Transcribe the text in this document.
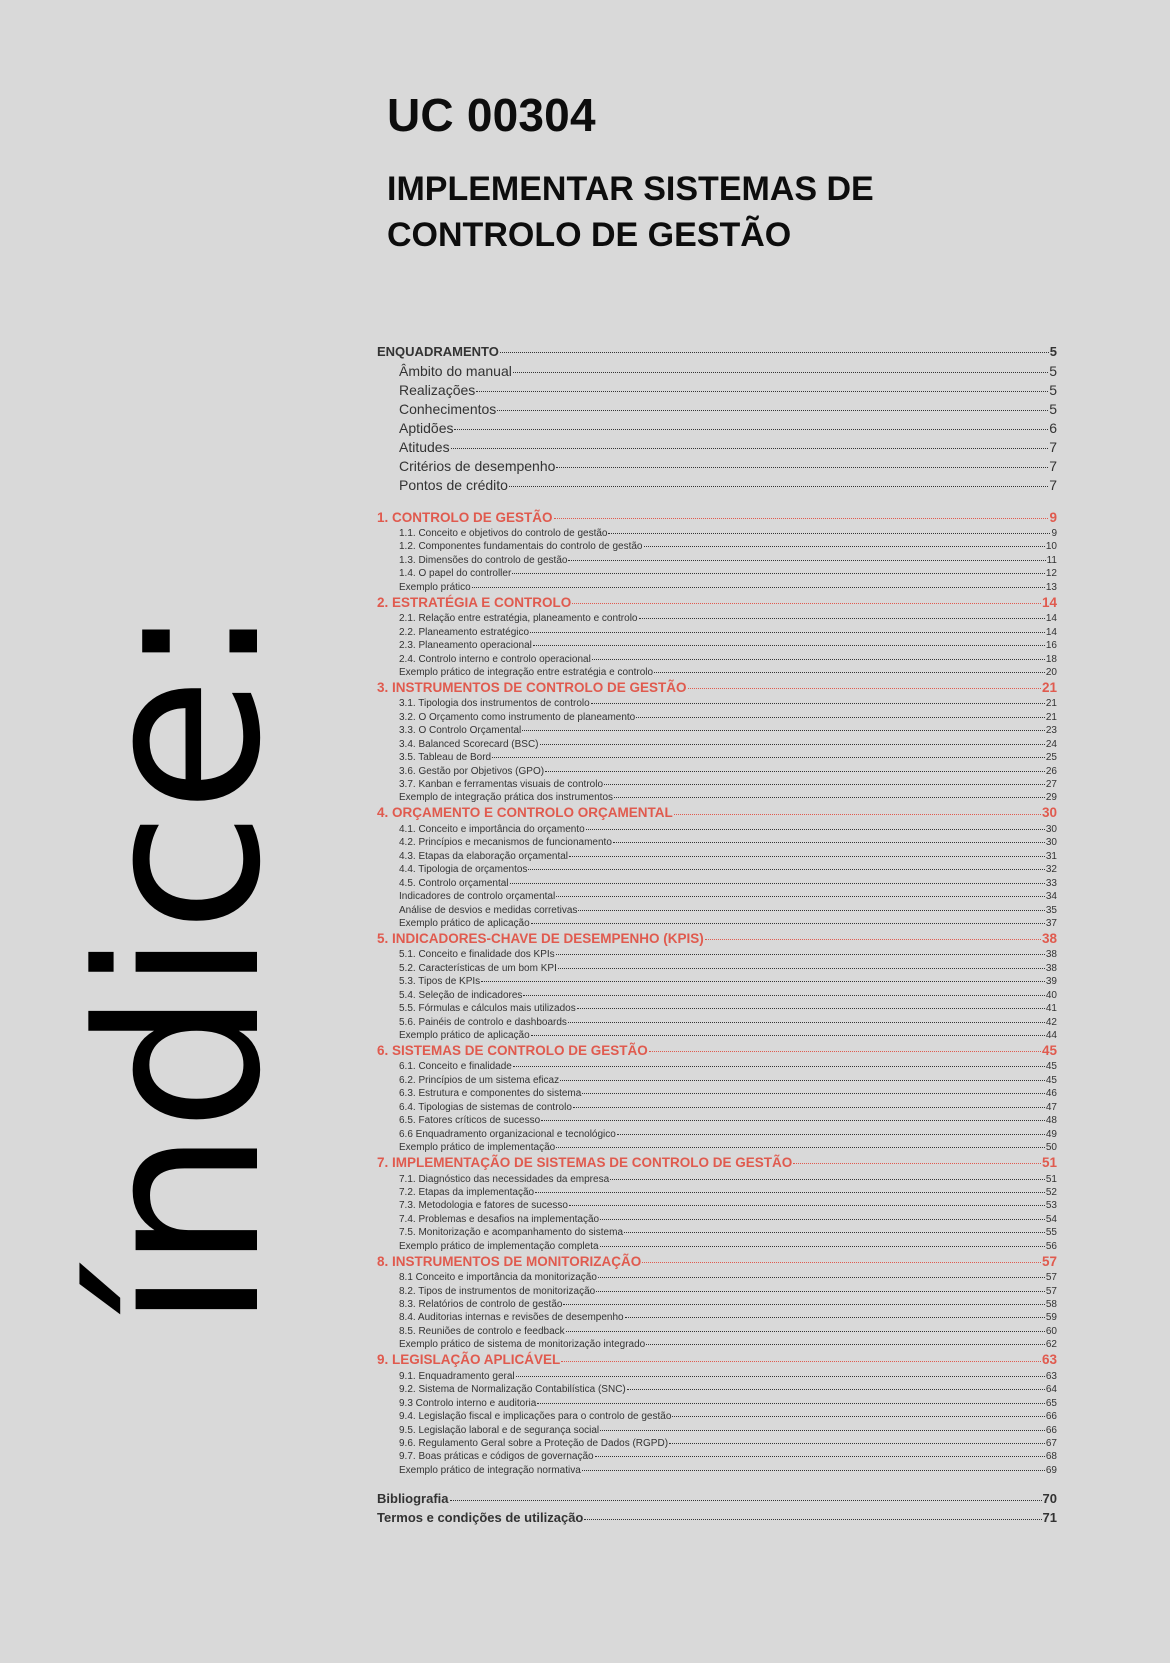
UC 00304
IMPLEMENTAR SISTEMAS DE CONTROLO DE GESTÃO
índice:
ENQUADRAMENTO	5
Âmbito do manual	5
Realizações	5
Conhecimentos	5
Aptidões	6
Atitudes	7
Critérios de desempenho	7
Pontos de crédito	7
1. CONTROLO DE GESTÃO	9
1.1. Conceito e objetivos do controlo de gestão	9
1.2. Componentes fundamentais do controlo de gestão	10
1.3. Dimensões do controlo de gestão	11
1.4. O papel do controller	12
Exemplo prático	13
2. ESTRATÉGIA E CONTROLO	14
2.1. Relação entre estratégia, planeamento e controlo	14
2.2. Planeamento estratégico	14
2.3. Planeamento operacional	16
2.4. Controlo interno e controlo operacional	18
Exemplo prático de integração entre estratégia e controlo	20
3. INSTRUMENTOS DE CONTROLO DE GESTÃO	21
3.1. Tipologia dos instrumentos de controlo	21
3.2. O Orçamento como instrumento de planeamento	21
3.3. O Controlo Orçamental	23
3.4. Balanced Scorecard (BSC)	24
3.5. Tableau de Bord	25
3.6. Gestão por Objetivos (GPO)	26
3.7. Kanban e ferramentas visuais de controlo	27
Exemplo de integração prática dos instrumentos	29
4. ORÇAMENTO E CONTROLO ORÇAMENTAL	30
4.1. Conceito e importância do orçamento	30
4.2. Princípios e mecanismos de funcionamento	30
4.3. Etapas da elaboração orçamental	31
4.4. Tipologia de orçamentos	32
4.5. Controlo orçamental	33
Indicadores de controlo orçamental	34
Análise de desvios e medidas corretivas	35
Exemplo prático de aplicação	37
5. INDICADORES-CHAVE DE DESEMPENHO (KPIS)	38
5.1. Conceito e finalidade dos KPIs	38
5.2. Características de um bom KPI	38
5.3. Tipos de KPIs	39
5.4. Seleção de indicadores	40
5.5. Fórmulas e cálculos mais utilizados	41
5.6. Painéis de controlo e dashboards	42
Exemplo prático de aplicação	44
6. SISTEMAS DE CONTROLO DE GESTÃO	45
6.1. Conceito e finalidade	45
6.2. Princípios de um sistema eficaz	45
6.3. Estrutura e componentes do sistema	46
6.4. Tipologias de sistemas de controlo	47
6.5. Fatores críticos de sucesso	48
6.6 Enquadramento organizacional e tecnológico	49
Exemplo prático de implementação	50
7. IMPLEMENTAÇÃO DE SISTEMAS DE CONTROLO DE GESTÃO	51
7.1. Diagnóstico das necessidades da empresa	51
7.2. Etapas da implementação	52
7.3. Metodologia e fatores de sucesso	53
7.4. Problemas e desafios na implementação	54
7.5. Monitorização e acompanhamento do sistema	55
Exemplo prático de implementação completa	56
8. INSTRUMENTOS DE MONITORIZAÇÃO	57
8.1 Conceito e importância da monitorização	57
8.2. Tipos de instrumentos de monitorização	57
8.3. Relatórios de controlo de gestão	58
8.4. Auditorias internas e revisões de desempenho	59
8.5. Reuniões de controlo e feedback	60
Exemplo prático de sistema de monitorização integrado	62
9. LEGISLAÇÃO APLICÁVEL	63
9.1. Enquadramento geral	63
9.2. Sistema de Normalização Contabilística (SNC)	64
9.3 Controlo interno e auditoria	65
9.4. Legislação fiscal e implicações para o controlo de gestão	66
9.5. Legislação laboral e de segurança social	66
9.6. Regulamento Geral sobre a Proteção de Dados (RGPD)	67
9.7. Boas práticas e códigos de governação	68
Exemplo prático de integração normativa	69
Bibliografia	70
Termos e condições de utilização	71
